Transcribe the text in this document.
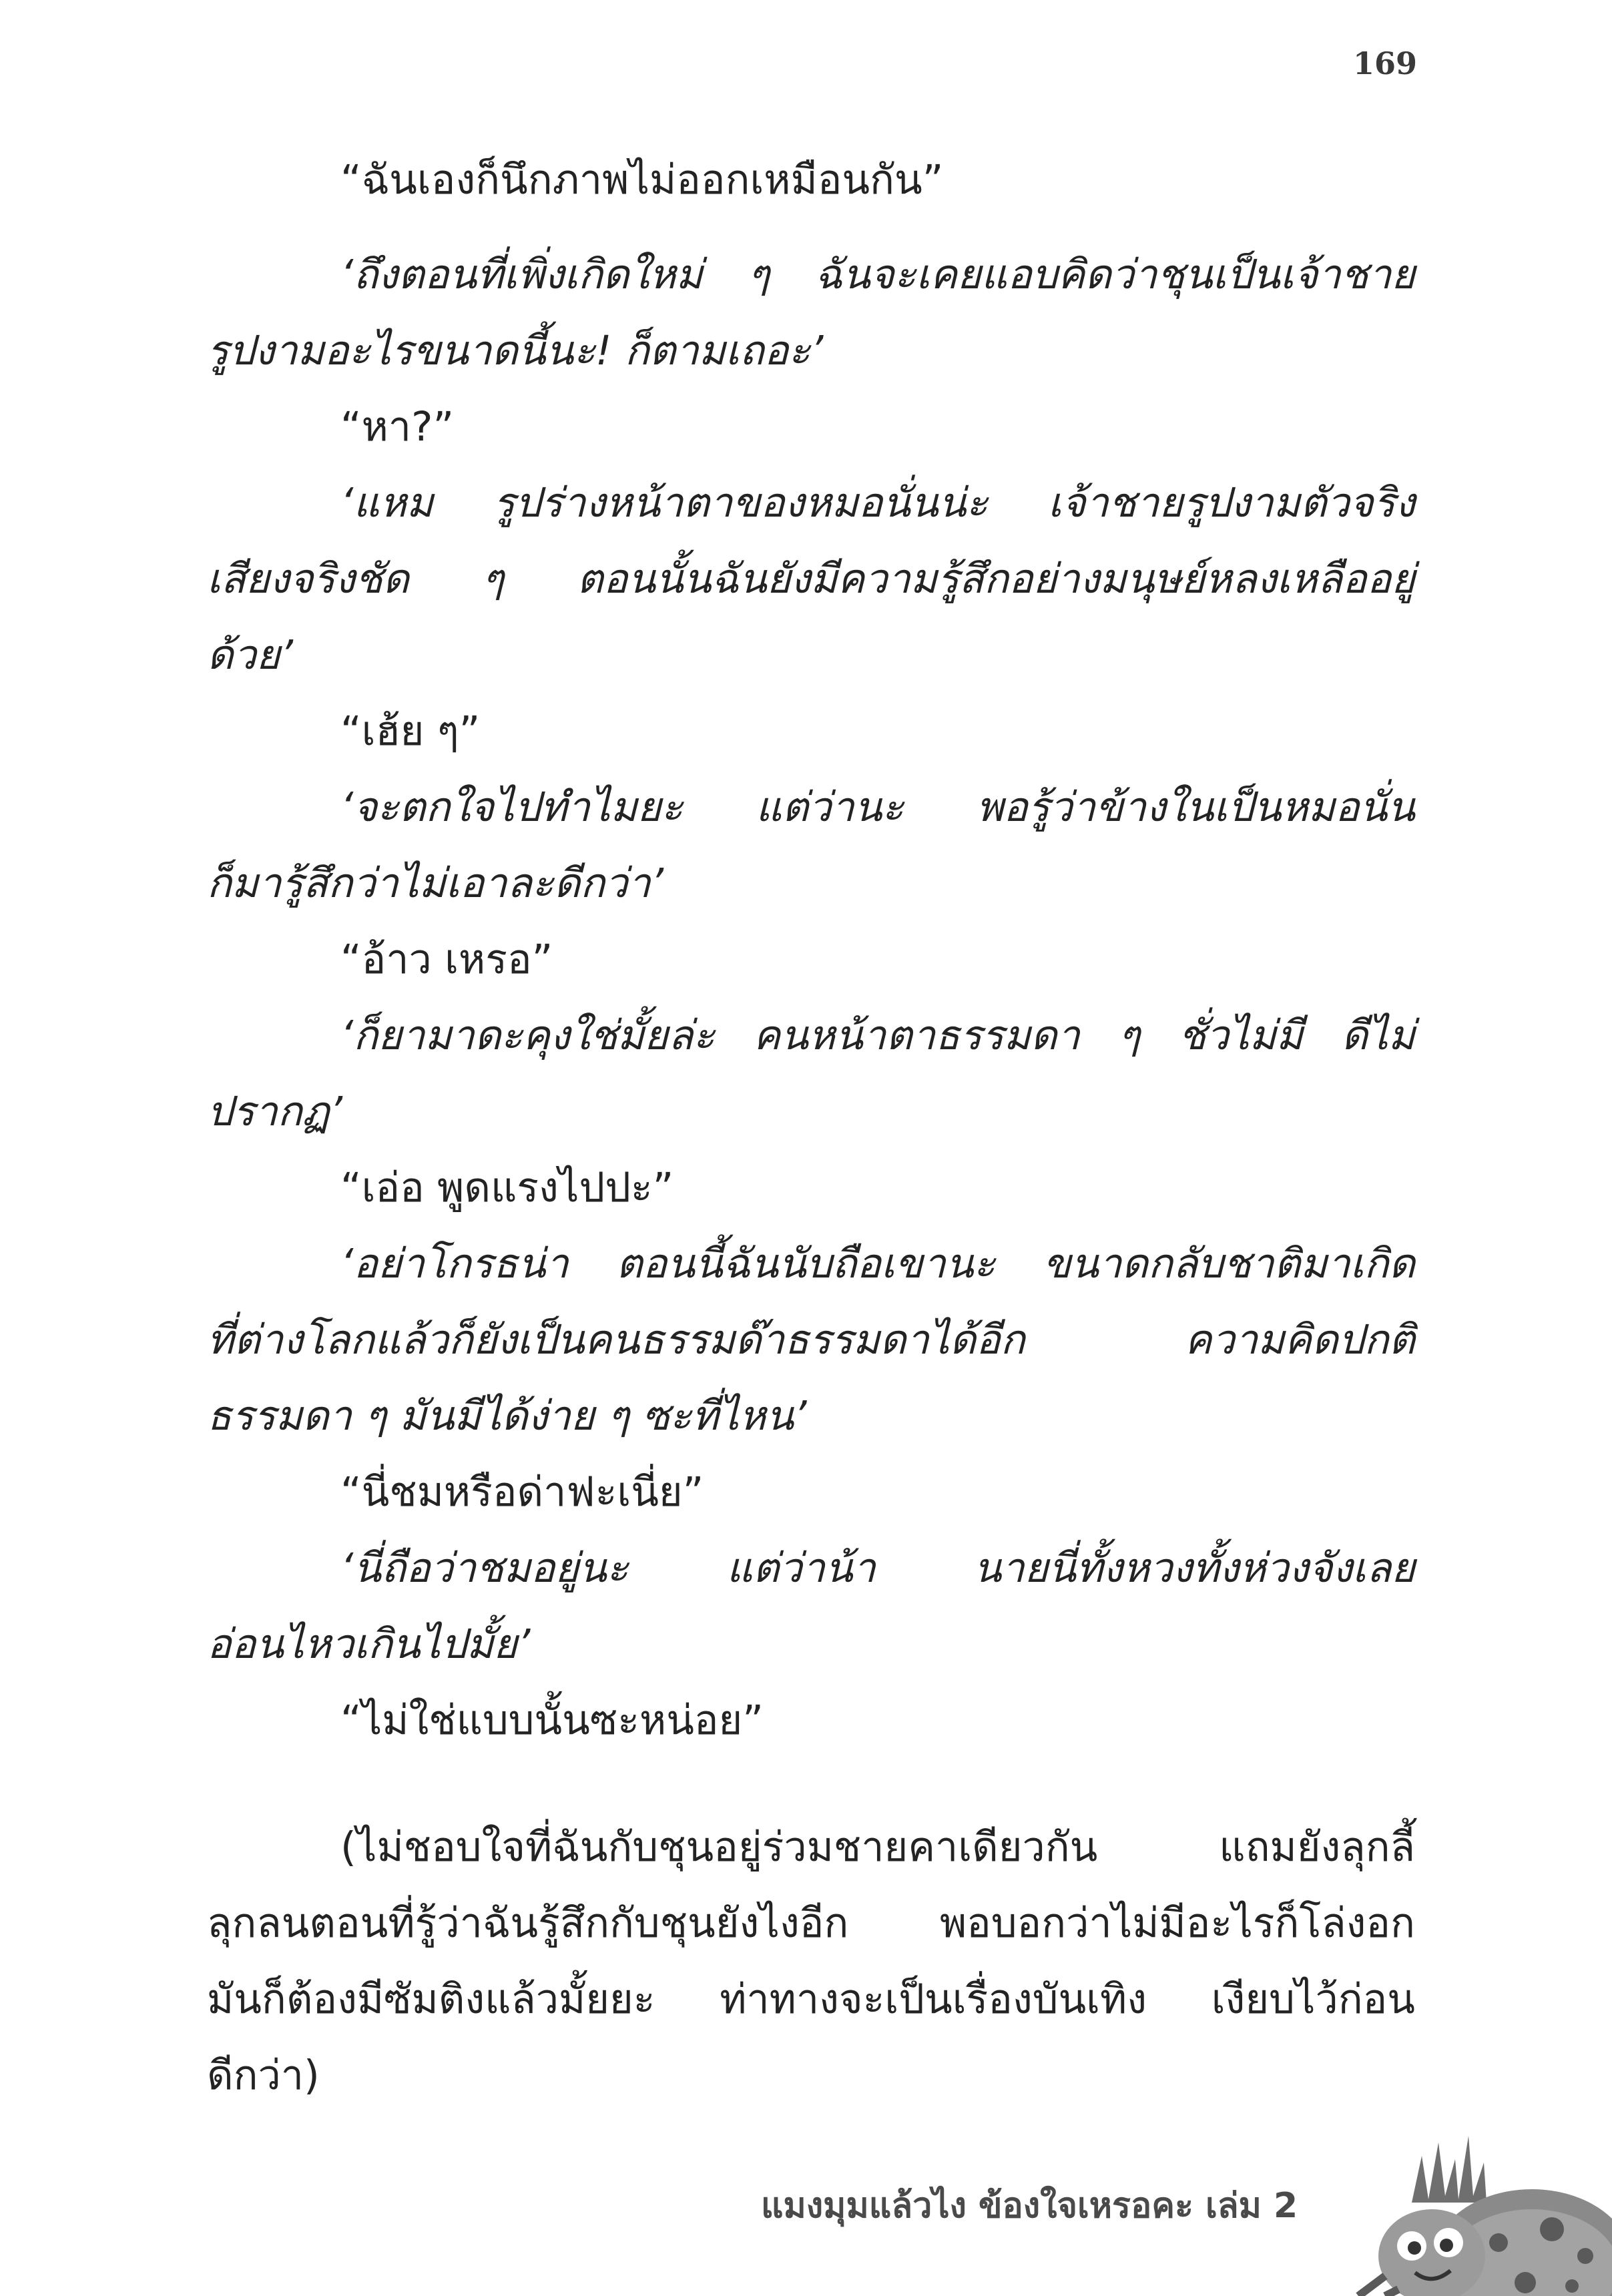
169
“ฉันเองก็นึกภาพไม่ออกเหมือนกัน”
‘ถึงตอนที่เพิ่งเกิดใหม่ ๆ ฉันจะเคยแอบคิดว่าชุนเป็นเจ้าชาย
รูปงามอะไรขนาดนี้นะ! ก็ตามเถอะ’
“หา?”
‘แหม รูปร่างหน้าตาของหมอนั่นน่ะ เจ้าชายรูปงามตัวจริง
เสียงจริงชัด ๆ ตอนนั้นฉันยังมีความรู้สึกอย่างมนุษย์หลงเหลืออยู่
ด้วย’
“เฮ้ย ๆ”
‘จะตกใจไปทำไมยะ แต่ว่านะ พอรู้ว่าข้างในเป็นหมอนั่น
ก็มารู้สึกว่าไม่เอาละดีกว่า’
“อ้าว เหรอ”
‘ก็ยามาดะคุงใช่มั้ยล่ะ คนหน้าตาธรรมดา ๆ ชั่วไม่มี ดีไม่
ปรากฏ’
“เอ่อ พูดแรงไปปะ”
‘อย่าโกรธน่า ตอนนี้ฉันนับถือเขานะ ขนาดกลับชาติมาเกิด
ที่ต่างโลกแล้วก็ยังเป็นคนธรรมด๊าธรรมดาได้อีก ความคิดปกติ
ธรรมดา ๆ มันมีได้ง่าย ๆ ซะที่ไหน’
“นี่ชมหรือด่าฟะเนี่ย”
‘นี่ถือว่าชมอยู่นะ แต่ว่าน้า นายนี่ทั้งหวงทั้งห่วงจังเลย
อ่อนไหวเกินไปมั้ย’
“ไม่ใช่แบบนั้นซะหน่อย”
(ไม่ชอบใจที่ฉันกับชุนอยู่ร่วมชายคาเดียวกัน แถมยังลุกลี้
ลุกลนตอนที่รู้ว่าฉันรู้สึกกับชุนยังไงอีก พอบอกว่าไม่มีอะไรก็โล่งอก
มันก็ต้องมีซัมติงแล้วมั้ยยะ ท่าทางจะเป็นเรื่องบันเทิง เงียบไว้ก่อน
ดีกว่า)
แมงมุมแล้วไง ข้องใจเหรอคะ เล่ม 2
